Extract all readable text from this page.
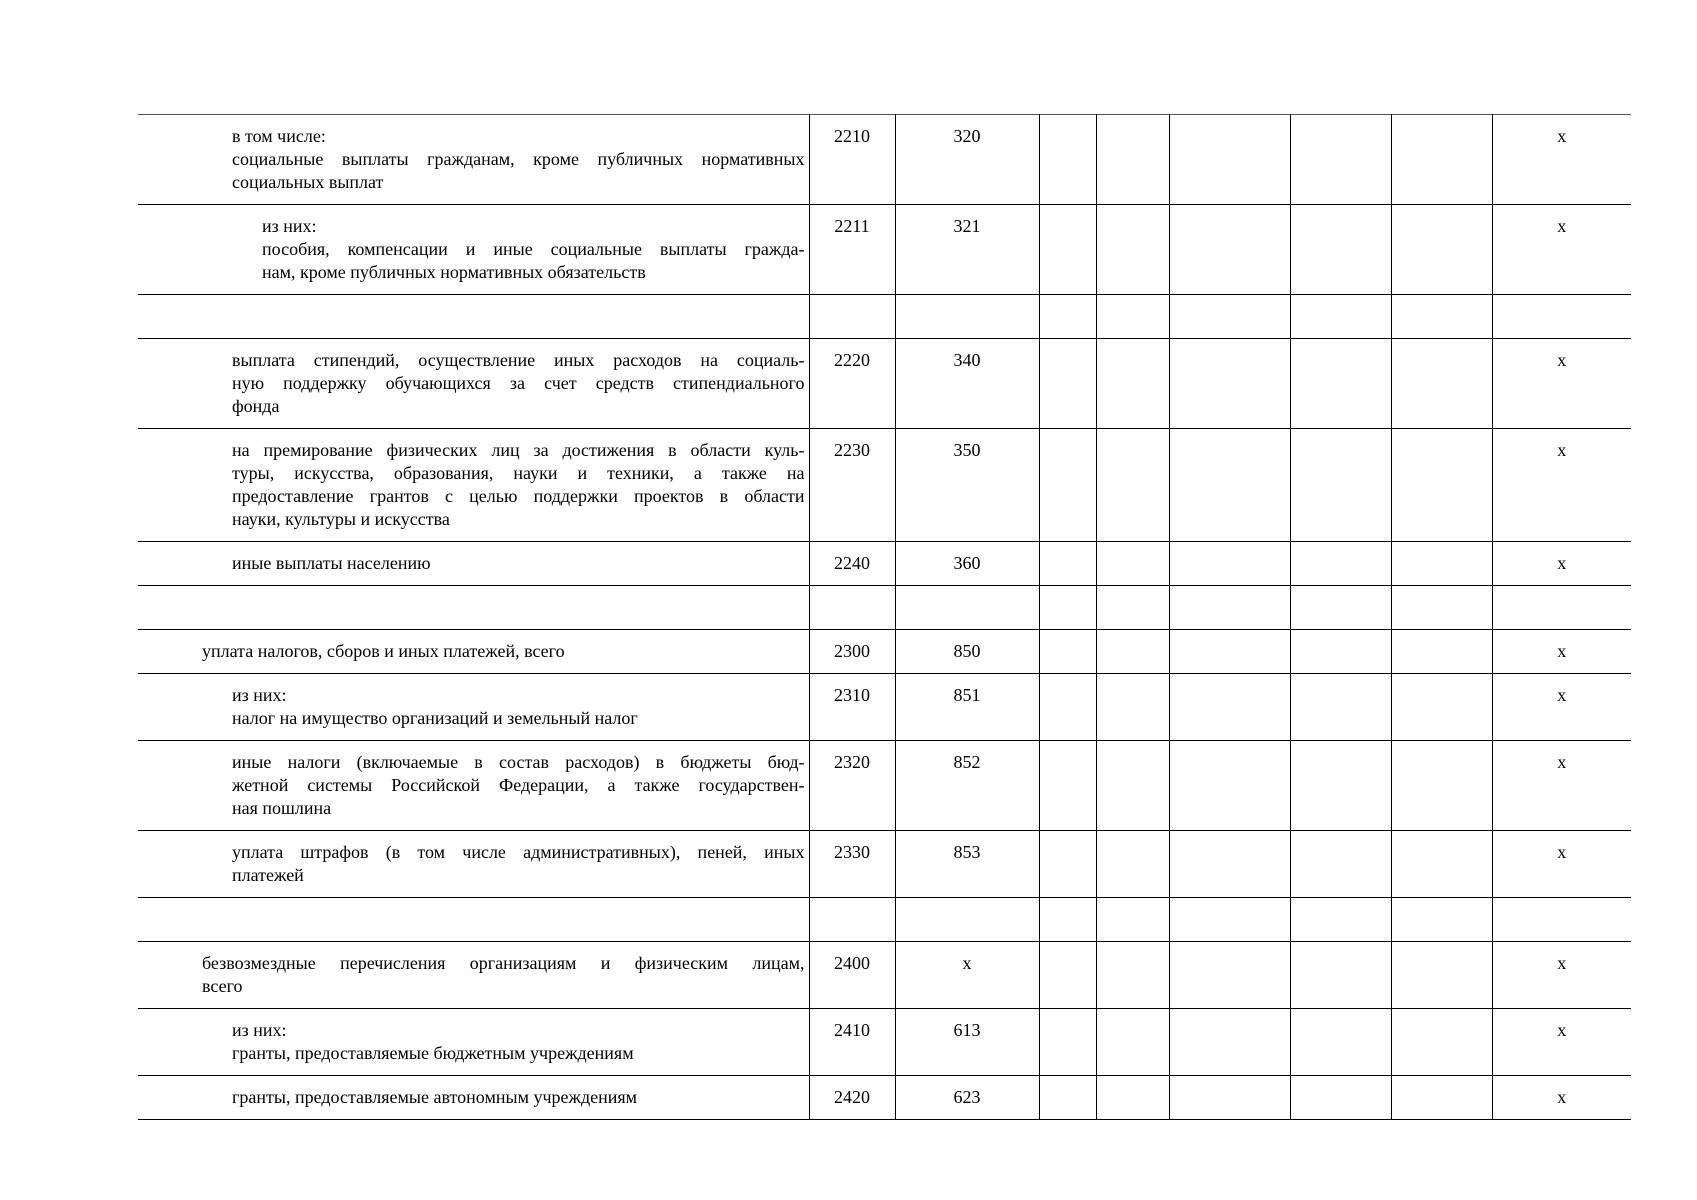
в том числе:
социальные выплаты гражданам, кроме публичных нормативных
социальных выплат	2210	320						х

из них:
пособия, компенсации и иные социальные выплаты гражда-
нам, кроме публичных нормативных обязательств	2211	321						х

выплата стипендий, осуществление иных расходов на социаль-
ную поддержку обучающихся за счет средств стипендиального
фонда	2220	340						х

на премирование физических лиц за достижения в области куль-
туры, искусства, образования, науки и техники, а также на
предоставление грантов с целью поддержки проектов в области
науки, культуры и искусства	2230	350						х

иные выплаты населению	2240	360						х

уплата налогов, сборов и иных платежей, всего	2300	850						х

из них:
налог на имущество организаций и земельный налог	2310	851						х

иные налоги (включаемые в состав расходов) в бюджеты бюд-
жетной системы Российской Федерации, а также государствен-
ная пошлина	2320	852						х

уплата штрафов (в том числе административных), пеней, иных
платежей	2330	853						х

безвозмездные перечисления организациям и физическим лицам,
всего	2400	х						х

из них:
гранты, предоставляемые бюджетным учреждениям	2410	613						х

гранты, предоставляемые автономным учреждениям	2420	623						х
